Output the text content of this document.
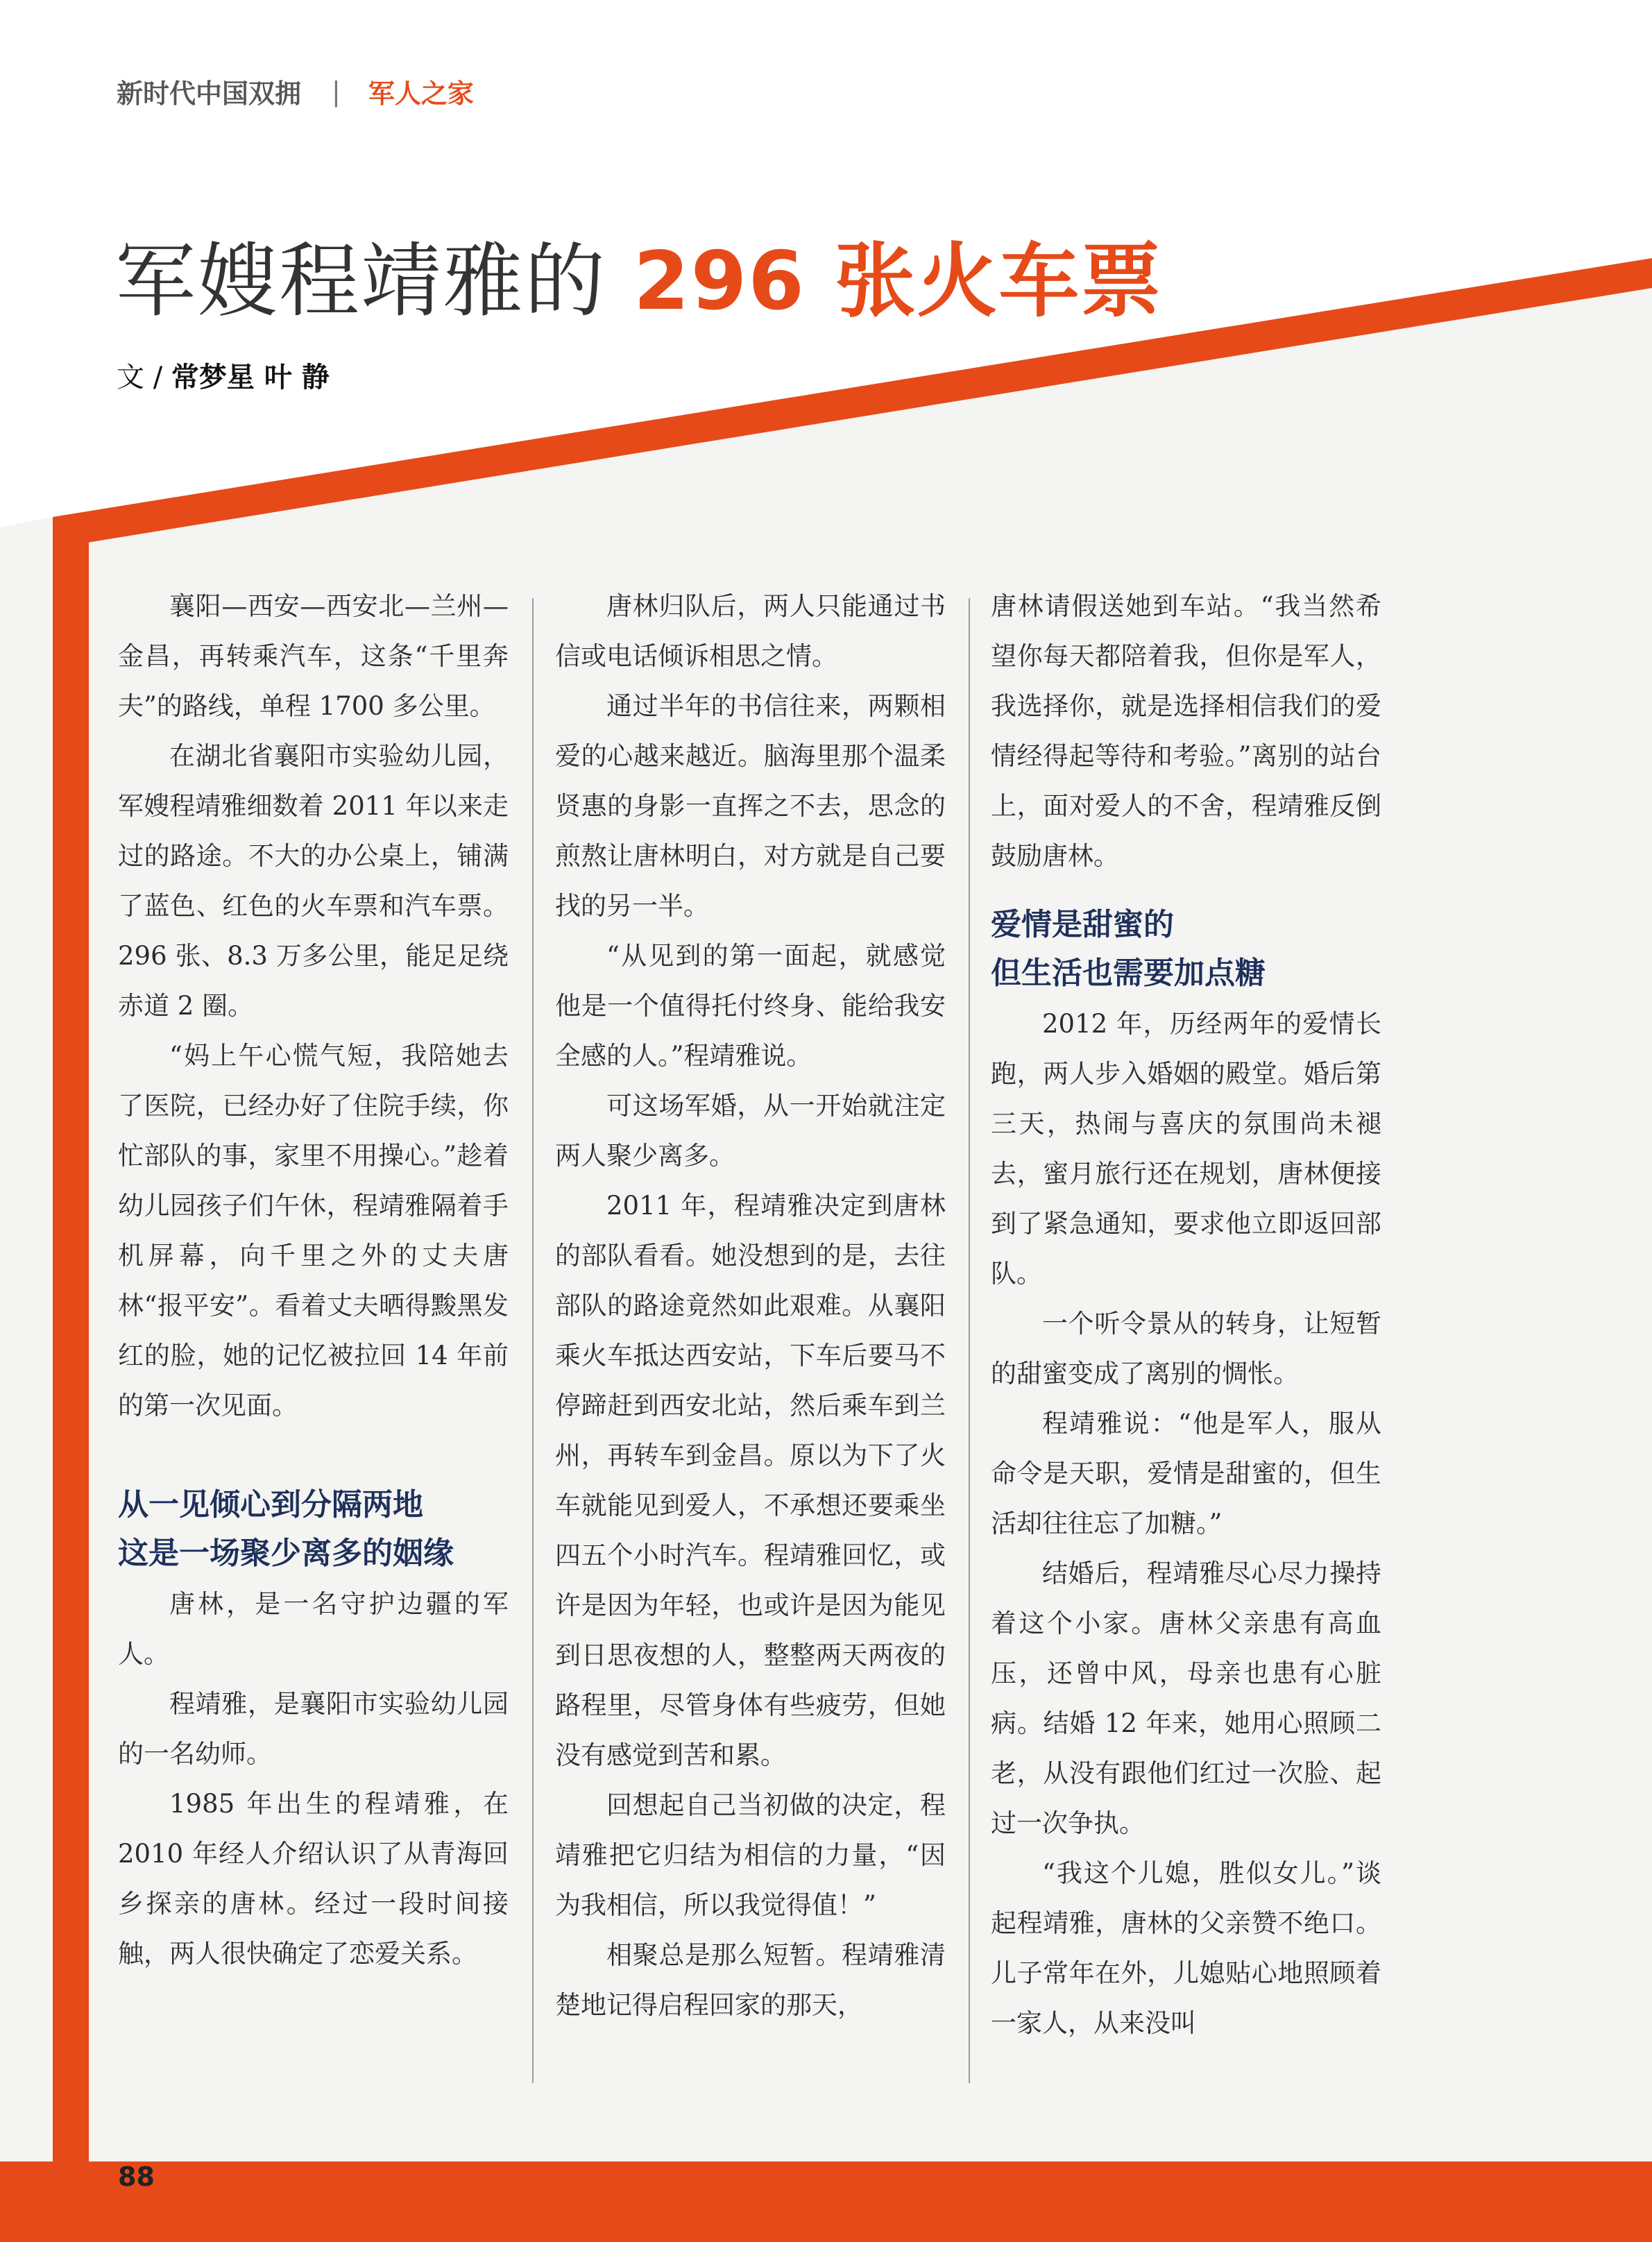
新时代中国双拥 | 军人之家
军嫂程靖雅的 296 张火车票
文 / 常梦星 叶 静

襄阳—西安—西安北—兰州—金昌，再转乘汽车，这条“千里奔夫”的路线，单程 1700 多公里。

在湖北省襄阳市实验幼儿园，军嫂程靖雅细数着 2011 年以来走过的路途。不大的办公桌上，铺满了蓝色、红色的火车票和汽车票。296 张、8.3 万多公里，能足足绕赤道 2 圈。

“妈上午心慌气短，我陪她去了医院，已经办好了住院手续，你忙部队的事，家里不用操心。”趁着幼儿园孩子们午休，程靖雅隔着手机屏幕，向千里之外的丈夫唐林“报平安”。看着丈夫晒得黢黑发红的脸，她的记忆被拉回 14 年前的第一次见面。

从一见倾心到分隔两地
这是一场聚少离多的姻缘

唐林，是一名守护边疆的军人。

程靖雅，是襄阳市实验幼儿园的一名幼师。

1985 年出生的程靖雅，在 2010 年经人介绍认识了从青海回乡探亲的唐林。经过一段时间接触，两人很快确定了恋爱关系。

唐林归队后，两人只能通过书信或电话倾诉相思之情。

通过半年的书信往来，两颗相爱的心越来越近。脑海里那个温柔贤惠的身影一直挥之不去，思念的煎熬让唐林明白，对方就是自己要找的另一半。

“从见到的第一面起，就感觉他是一个值得托付终身、能给我安全感的人。”程靖雅说。

可这场军婚，从一开始就注定两人聚少离多。

2011 年，程靖雅决定到唐林的部队看看。她没想到的是，去往部队的路途竟然如此艰难。从襄阳乘火车抵达西安站，下车后要马不停蹄赶到西安北站，然后乘车到兰州，再转车到金昌。原以为下了火车就能见到爱人，不承想还要乘坐四五个小时汽车。程靖雅回忆，或许是因为年轻，也或许是因为能见到日思夜想的人，整整两天两夜的路程里，尽管身体有些疲劳，但她没有感觉到苦和累。

回想起自己当初做的决定，程靖雅把它归结为相信的力量，“因为我相信，所以我觉得值！”

相聚总是那么短暂。程靖雅清楚地记得启程回家的那天，

唐林请假送她到车站。“我当然希望你每天都陪着我，但你是军人，我选择你，就是选择相信我们的爱情经得起等待和考验。”离别的站台上，面对爱人的不舍，程靖雅反倒鼓励唐林。

爱情是甜蜜的
但生活也需要加点糖

2012 年，历经两年的爱情长跑，两人步入婚姻的殿堂。婚后第三天，热闹与喜庆的氛围尚未褪去，蜜月旅行还在规划，唐林便接到了紧急通知，要求他立即返回部队。

一个听令景从的转身，让短暂的甜蜜变成了离别的惆怅。

程靖雅说：“他是军人，服从命令是天职，爱情是甜蜜的，但生活却往往忘了加糖。”

结婚后，程靖雅尽心尽力操持着这个小家。唐林父亲患有高血压，还曾中风，母亲也患有心脏病。结婚 12 年来，她用心照顾二老，从没有跟他们红过一次脸、起过一次争执。

“我这个儿媳，胜似女儿。”谈起程靖雅，唐林的父亲赞不绝口。儿子常年在外，儿媳贴心地照顾着一家人，从来没叫

88
